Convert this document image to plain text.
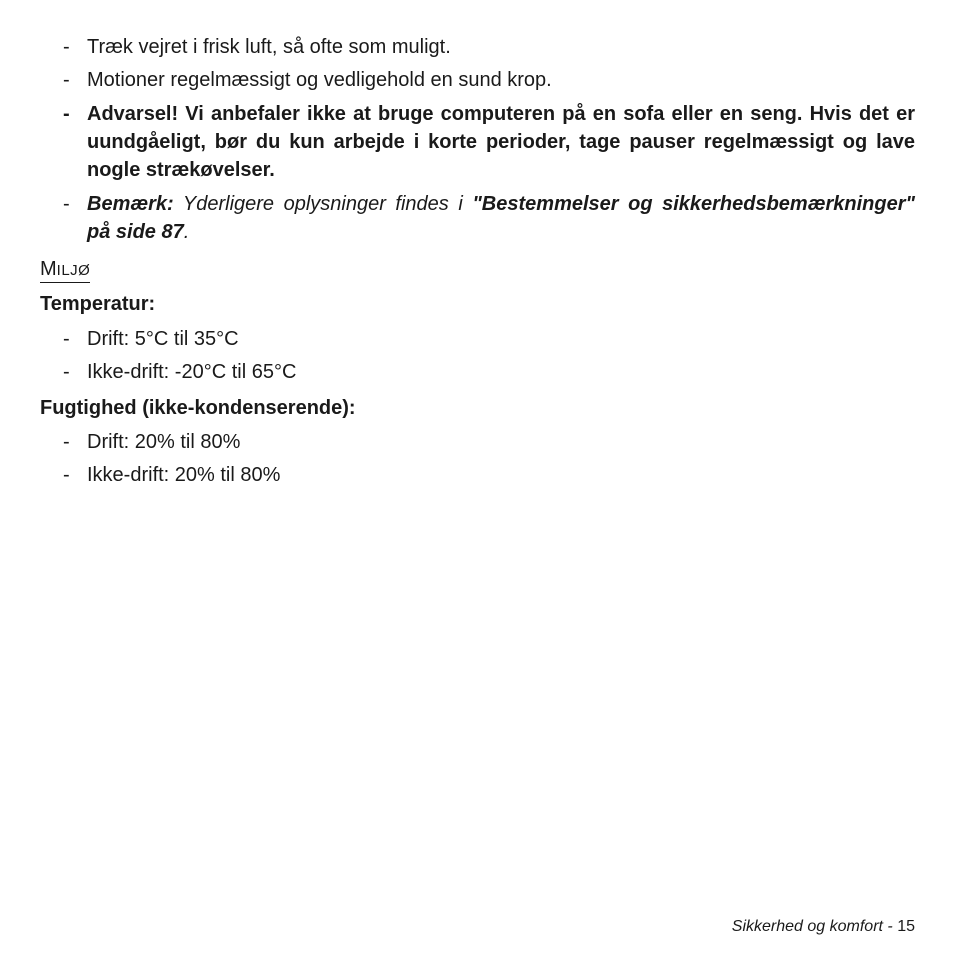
- Træk vejret i frisk luft, så ofte som muligt.
- Motioner regelmæssigt og vedligehold en sund krop.
- Advarsel! Vi anbefaler ikke at bruge computeren på en sofa eller en seng. Hvis det er uundgåeligt, bør du kun arbejde i korte perioder, tage pauser regelmæssigt og lave nogle strækøvelser.
- Bemærk: Yderligere oplysninger findes i "Bestemmelser og sikkerhedsbemærkninger" på side 87.
MILJØ
Temperatur:
- Drift: 5°C til 35°C
- Ikke-drift: -20°C til 65°C
Fugtighed (ikke-kondenserende):
- Drift: 20% til 80%
- Ikke-drift: 20% til 80%
Sikkerhed og komfort - 15
